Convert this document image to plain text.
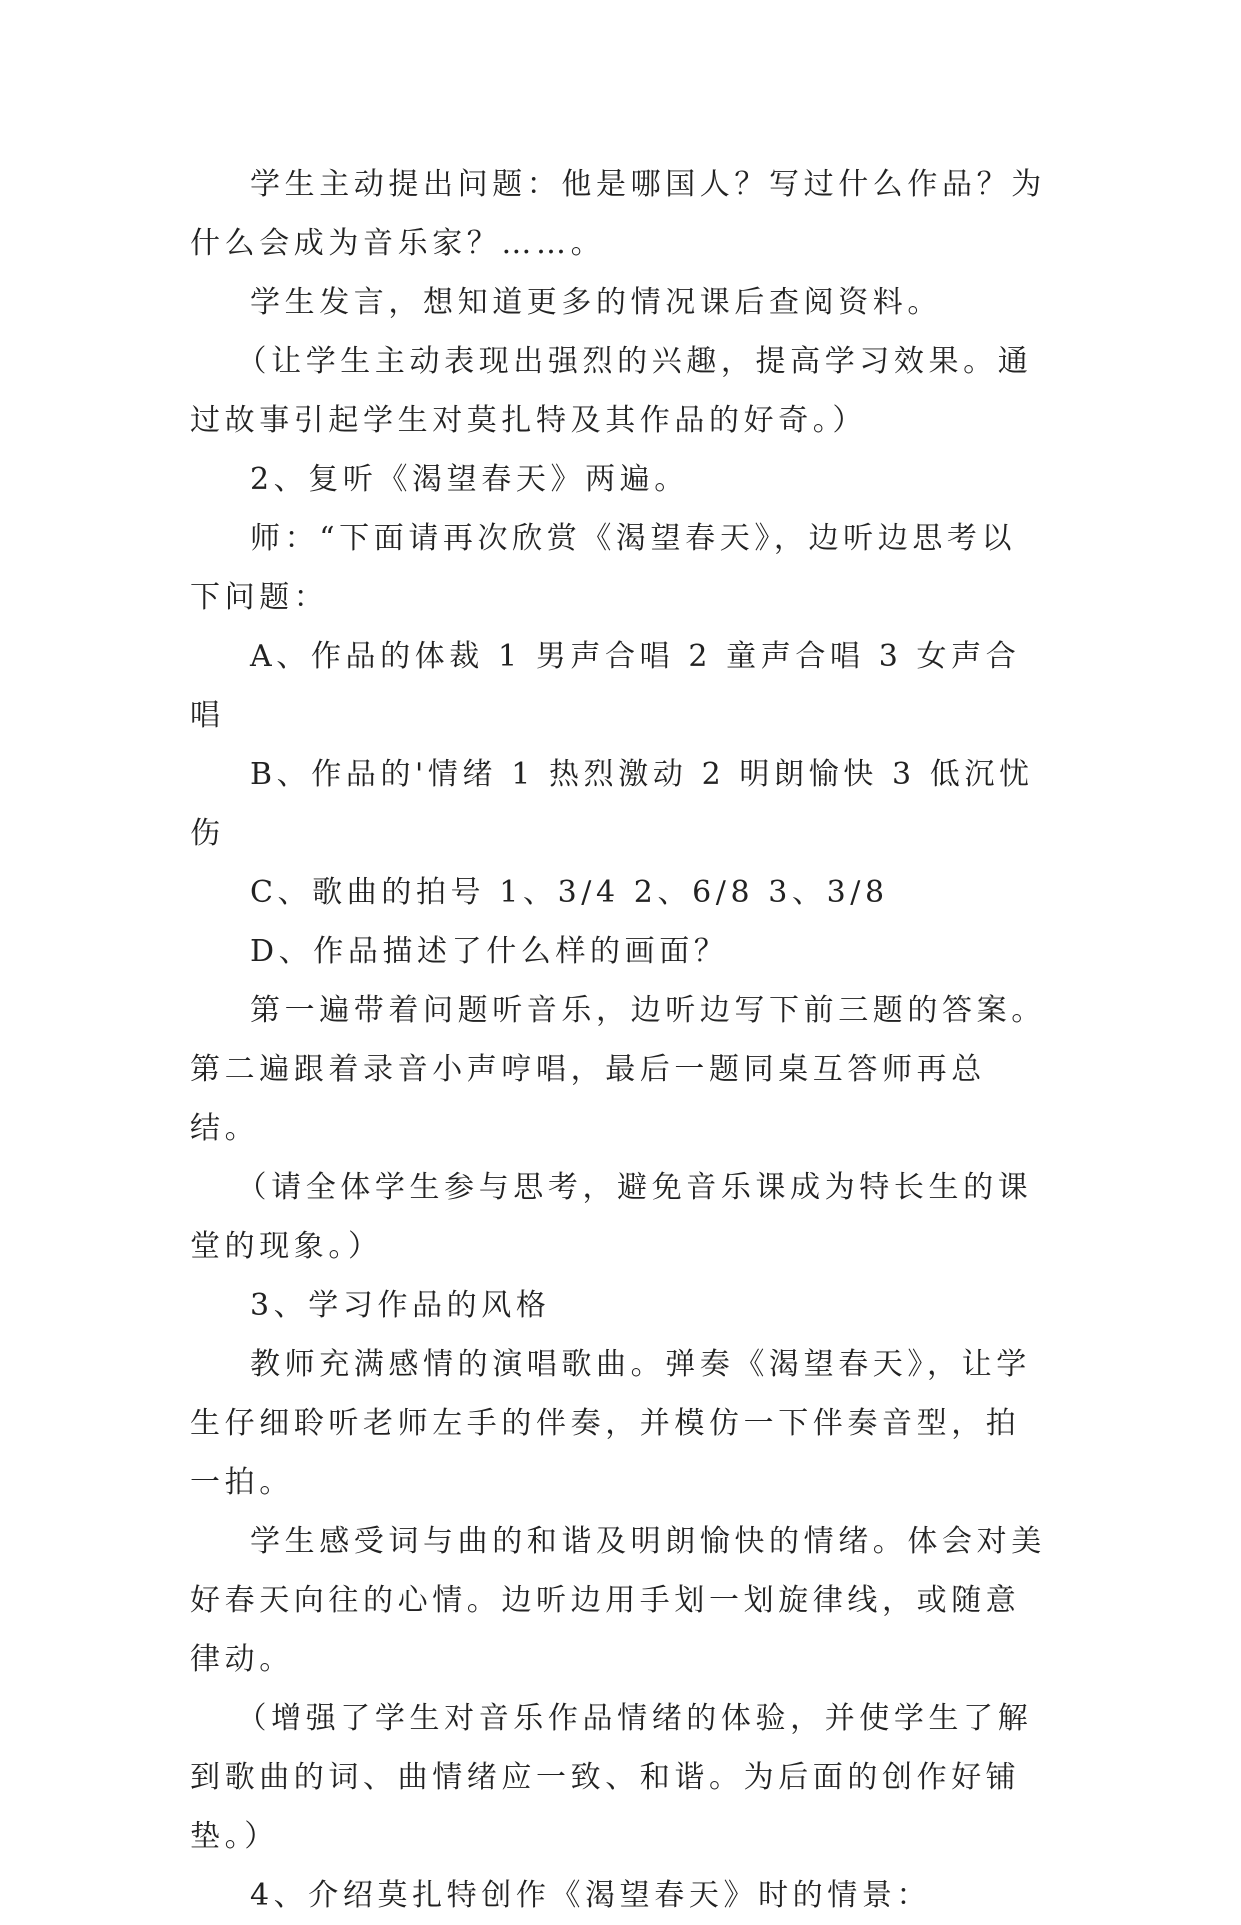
学生主动提出问题：他是哪国人？写过什么作品？为什么会成为音乐家？……。

学生发言，想知道更多的情况课后查阅资料。

（让学生主动表现出强烈的兴趣，提高学习效果。通过故事引起学生对莫扎特及其作品的好奇。）

2、复听《渴望春天》两遍。

师：“下面请再次欣赏《渴望春天》，边听边思考以下问题：

A、作品的体裁 1 男声合唱 2 童声合唱 3 女声合唱

B、作品的'情绪 1 热烈激动 2 明朗愉快 3 低沉忧伤

C、歌曲的拍号 1、3/4 2、6/8 3、3/8

D、作品描述了什么样的画面？

第一遍带着问题听音乐，边听边写下前三题的答案。第二遍跟着录音小声哼唱，最后一题同桌互答师再总结。

（请全体学生参与思考，避免音乐课成为特长生的课堂的现象。）

3、学习作品的风格

教师充满感情的演唱歌曲。弹奏《渴望春天》，让学生仔细聆听老师左手的伴奏，并模仿一下伴奏音型，拍一拍。

学生感受词与曲的和谐及明朗愉快的情绪。体会对美好春天向往的心情。边听边用手划一划旋律线，或随意律动。

（增强了学生对音乐作品情绪的体验，并使学生了解到歌曲的词、曲情绪应一致、和谐。为后面的创作好铺垫。）

4、介绍莫扎特创作《渴望春天》时的情景：
